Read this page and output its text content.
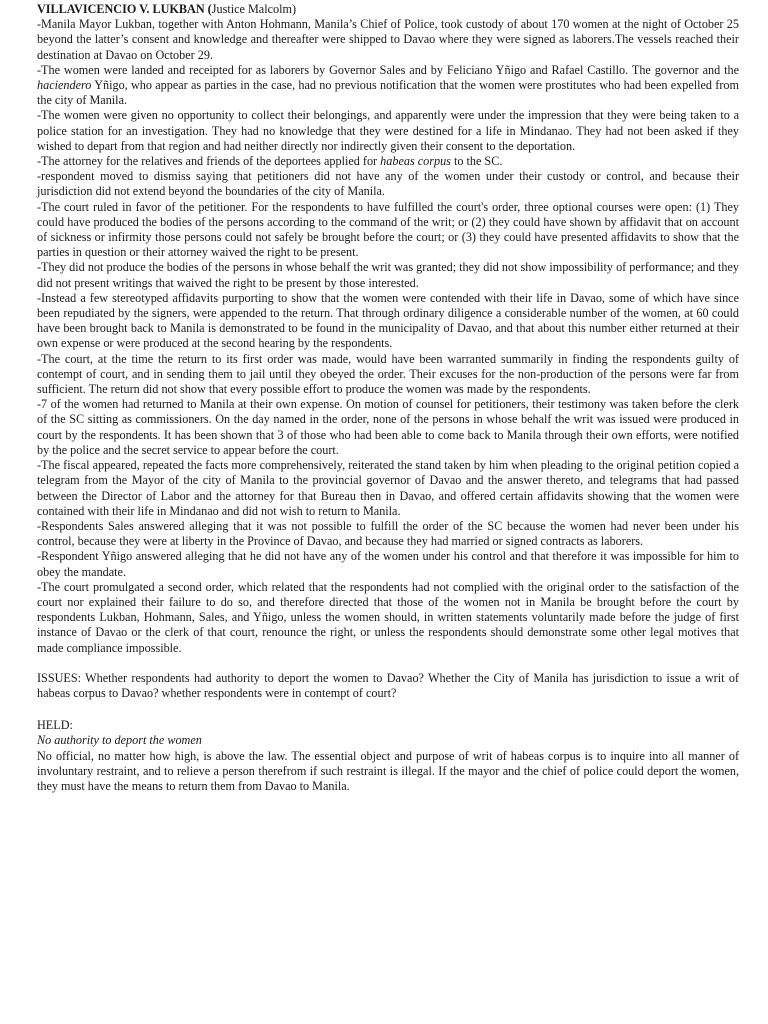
VILLAVICENCIO V. LUKBAN (Justice Malcolm)

-Manila Mayor Lukban, together with Anton Hohmann, Manila’s Chief of Police, took custody of about 170 women at the night of October 25 beyond the latter’s consent and knowledge and thereafter were shipped to Davao where they were signed as laborers.The vessels reached their destination at Davao on October 29.

-The women were landed and receipted for as laborers by Governor Sales and by Feliciano Yñigo and Rafael Castillo. The governor and the haciendero Yñigo, who appear as parties in the case, had no previous notification that the women were prostitutes who had been expelled from the city of Manila.

-The women were given no opportunity to collect their belongings, and apparently were under the impression that they were being taken to a police station for an investigation. They had no knowledge that they were destined for a life in Mindanao. They had not been asked if they wished to depart from that region and had neither directly nor indirectly given their consent to the deportation.

-The attorney for the relatives and friends of the deportees applied for habeas corpus to the SC.

-respondent moved to dismiss saying that petitioners did not have any of the women under their custody or control, and because their jurisdiction did not extend beyond the boundaries of the city of Manila.

-The court ruled in favor of the petitioner. For the respondents to have fulfilled the court's order, three optional courses were open: (1) They could have produced the bodies of the persons according to the command of the writ; or (2) they could have shown by affidavit that on account of sickness or infirmity those persons could not safely be brought before the court; or (3) they could have presented affidavits to show that the parties in question or their attorney waived the right to be present.

-They did not produce the bodies of the persons in whose behalf the writ was granted; they did not show impossibility of performance; and they did not present writings that waived the right to be present by those interested.

-Instead a few stereotyped affidavits purporting to show that the women were contended with their life in Davao, some of which have since been repudiated by the signers, were appended to the return. That through ordinary diligence a considerable number of the women, at 60 could have been brought back to Manila is demonstrated to be found in the municipality of Davao, and that about this number either returned at their own expense or were produced at the second hearing by the respondents.

-The court, at the time the return to its first order was made, would have been warranted summarily in finding the respondents guilty of contempt of court, and in sending them to jail until they obeyed the order. Their excuses for the non-production of the persons were far from sufficient. The return did not show that every possible effort to produce the women was made by the respondents.

-7 of the women had returned to Manila at their own expense. On motion of counsel for petitioners, their testimony was taken before the clerk of the SC sitting as commissioners. On the day named in the order, none of the persons in whose behalf the writ was issued were produced in court by the respondents. It has been shown that 3 of those who had been able to come back to Manila through their own efforts, were notified by the police and the secret service to appear before the court.

-The fiscal appeared, repeated the facts more comprehensively, reiterated the stand taken by him when pleading to the original petition copied a telegram from the Mayor of the city of Manila to the provincial governor of Davao and the answer thereto, and telegrams that had passed between the Director of Labor and the attorney for that Bureau then in Davao, and offered certain affidavits showing that the women were contained with their life in Mindanao and did not wish to return to Manila.

-Respondents Sales answered alleging that it was not possible to fulfill the order of the SC because the women had never been under his control, because they were at liberty in the Province of Davao, and because they had married or signed contracts as laborers.

-Respondent Yñigo answered alleging that he did not have any of the women under his control and that therefore it was impossible for him to obey the mandate.

-The court promulgated a second order, which related that the respondents had not complied with the original order to the satisfaction of the court nor explained their failure to do so, and therefore directed that those of the women not in Manila be brought before the court by respondents Lukban, Hohmann, Sales, and Yñigo, unless the women should, in written statements voluntarily made before the judge of first instance of Davao or the clerk of that court, renounce the right, or unless the respondents should demonstrate some other legal motives that made compliance impossible.

ISSUES: Whether respondents had authority to deport the women to Davao? Whether the City of Manila has jurisdiction to issue a writ of habeas corpus to Davao? whether respondents were in contempt of court?

HELD:

No authority to deport the women

No official, no matter how high, is above the law. The essential object and purpose of writ of habeas corpus is to inquire into all manner of involuntary restraint, and to relieve a person therefrom if such restraint is illegal. If the mayor and the chief of police could deport the women, they must have the means to return them from Davao to Manila.
